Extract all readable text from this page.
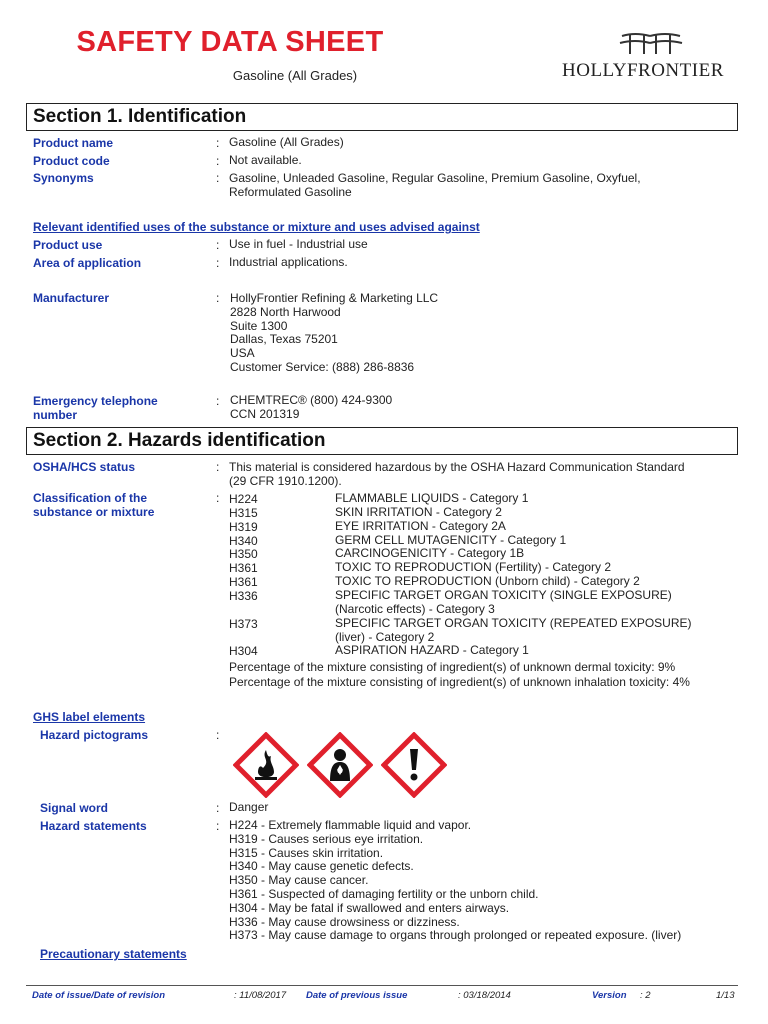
SAFETY DATA SHEET
Gasoline (All Grades)	HOLLYFRONTIER
Section 1. Identification
Product name	: Gasoline (All Grades)
Product code	: Not available.
Synonyms	: Gasoline, Unleaded Gasoline, Regular Gasoline, Premium Gasoline, Oxyfuel,
Reformulated Gasoline
Relevant identified uses of the substance or mixture and uses advised against
Product use	: Use in fuel - Industrial use
Area of application	: Industrial applications.
Manufacturer	: HollyFrontier Refining & Marketing LLC
2828 North Harwood
Suite 1300
Dallas, Texas 75201
USA
Customer Service: (888) 286-8836
Emergency telephone
number
: CHEMTREC® (800) 424-9300
CCN 201319
Section 2. Hazards identification
OSHA/HCS status	: This material is considered hazardous by the OSHA Hazard Communication Standard
(29 CFR 1910.1200).
Classification of the
substance or mixture
: H224	FLAMMABLE LIQUIDS - Category 1
H315	SKIN IRRITATION - Category 2
H319	EYE IRRITATION - Category 2A
H340	GERM CELL MUTAGENICITY - Category 1
H350	CARCINOGENICITY - Category 1B
H361	TOXIC TO REPRODUCTION (Fertility) - Category 2
H361	TOXIC TO REPRODUCTION (Unborn child) - Category 2
H336	SPECIFIC TARGET ORGAN TOXICITY (SINGLE EXPOSURE)
(Narcotic effects) - Category 3
H373	SPECIFIC TARGET ORGAN TOXICITY (REPEATED EXPOSURE)
(liver) - Category 2
H304	ASPIRATION HAZARD - Category 1
Percentage of the mixture consisting of ingredient(s) of unknown dermal toxicity: 9%
Percentage of the mixture consisting of ingredient(s) of unknown inhalation toxicity: 4%
GHS label elements
Hazard pictograms	:
Signal word	: Danger
Hazard statements	: H224 - Extremely flammable liquid and vapor.
H319 - Causes serious eye irritation.
H315 - Causes skin irritation.
H340 - May cause genetic defects.
H350 - May cause cancer.
H361 - Suspected of damaging fertility or the unborn child.
H304 - May be fatal if swallowed and enters airways.
H336 - May cause drowsiness or dizziness.
H373 - May cause damage to organs through prolonged or repeated exposure. (liver)
Precautionary statements
Date of issue/Date of revision	: 11/08/2017 Date of previous issue	: 03/18/2014	Version : 2	1/13
